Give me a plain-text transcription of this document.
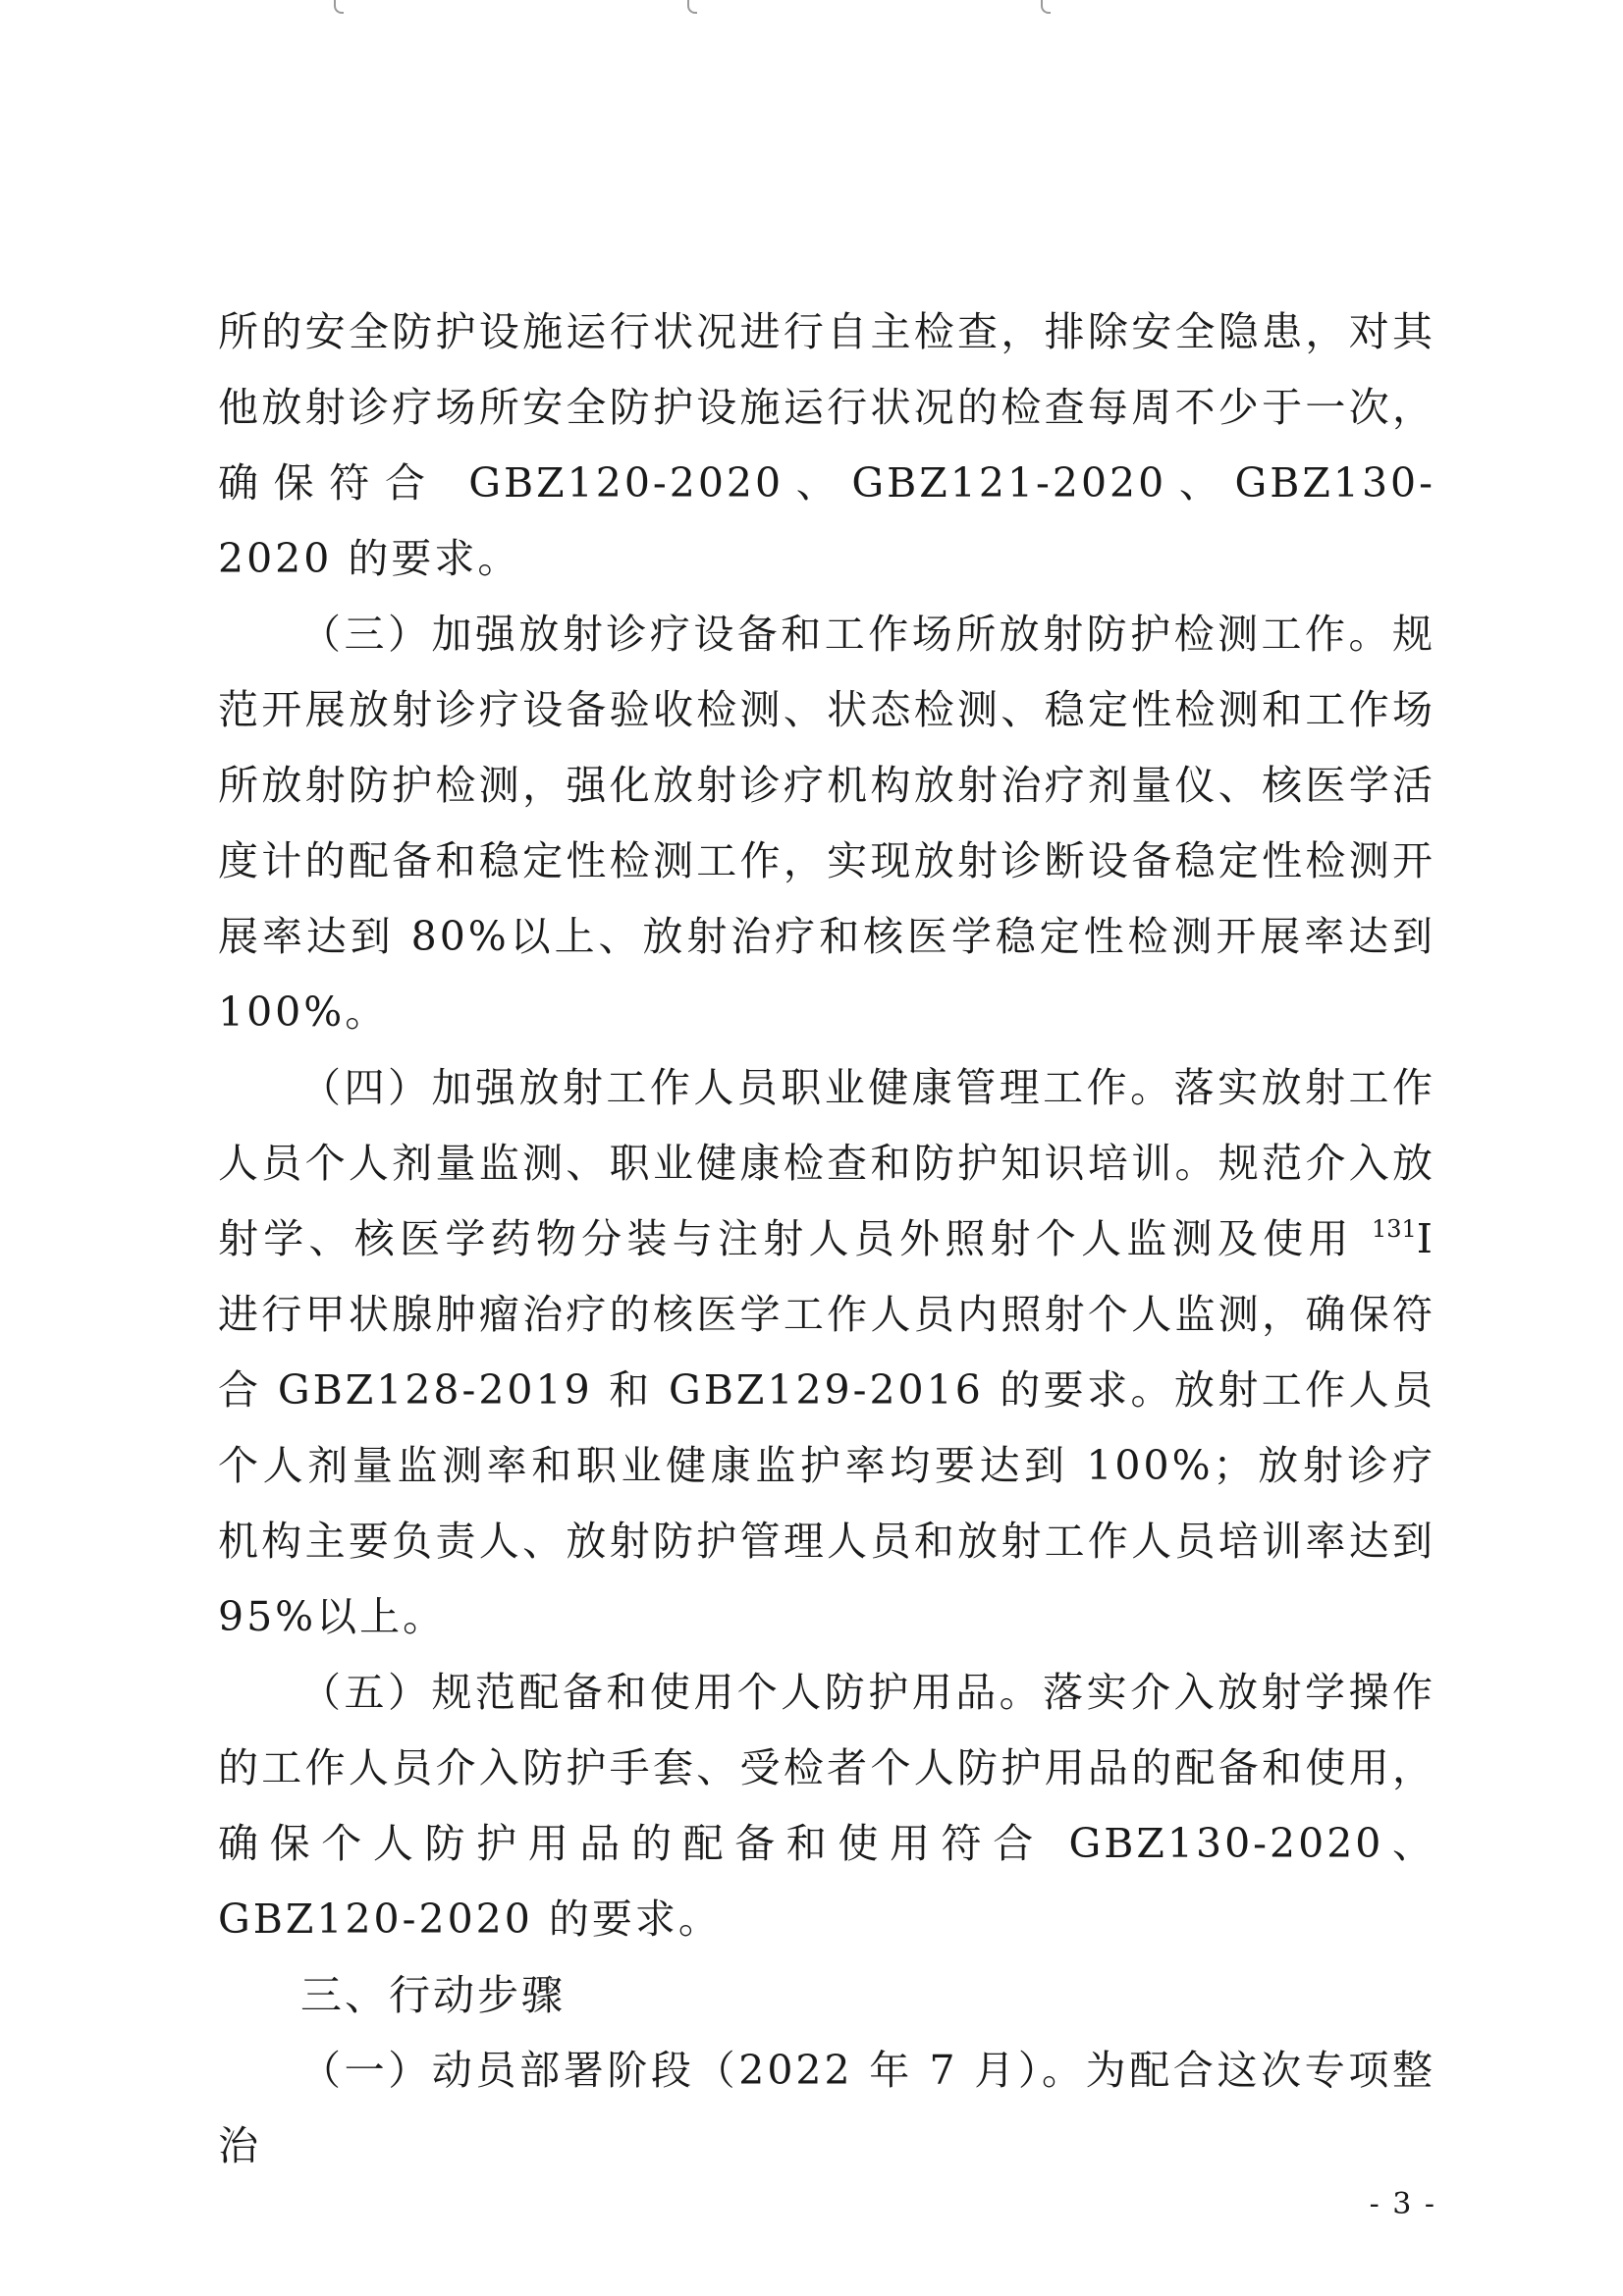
所的安全防护设施运行状况进行自主检查，排除安全隐患，对其他放射诊疗场所安全防护设施运行状况的检查每周不少于一次，确保符合 GBZ120-2020、GBZ121-2020、GBZ130-2020 的要求。

（三）加强放射诊疗设备和工作场所放射防护检测工作。规范开展放射诊疗设备验收检测、状态检测、稳定性检测和工作场所放射防护检测，强化放射诊疗机构放射治疗剂量仪、核医学活度计的配备和稳定性检测工作，实现放射诊断设备稳定性检测开展率达到 80%以上、放射治疗和核医学稳定性检测开展率达到 100%。

（四）加强放射工作人员职业健康管理工作。落实放射工作人员个人剂量监测、职业健康检查和防护知识培训。规范介入放射学、核医学药物分装与注射人员外照射个人监测及使用 $^{131}$I 进行甲状腺肿瘤治疗的核医学工作人员内照射个人监测，确保符合 GBZ128-2019 和 GBZ129-2016 的要求。放射工作人员个人剂量监测率和职业健康监护率均要达到 100%；放射诊疗机构主要负责人、放射防护管理人员和放射工作人员培训率达到 95%以上。

（五）规范配备和使用个人防护用品。落实介入放射学操作的工作人员介入防护手套、受检者个人防护用品的配备和使用，确保个人防护用品的配备和使用符合 GBZ130-2020、GBZ120-2020 的要求。

三、行动步骤

（一）动员部署阶段（2022 年 7 月）。为配合这次专项整治

- 3 -
